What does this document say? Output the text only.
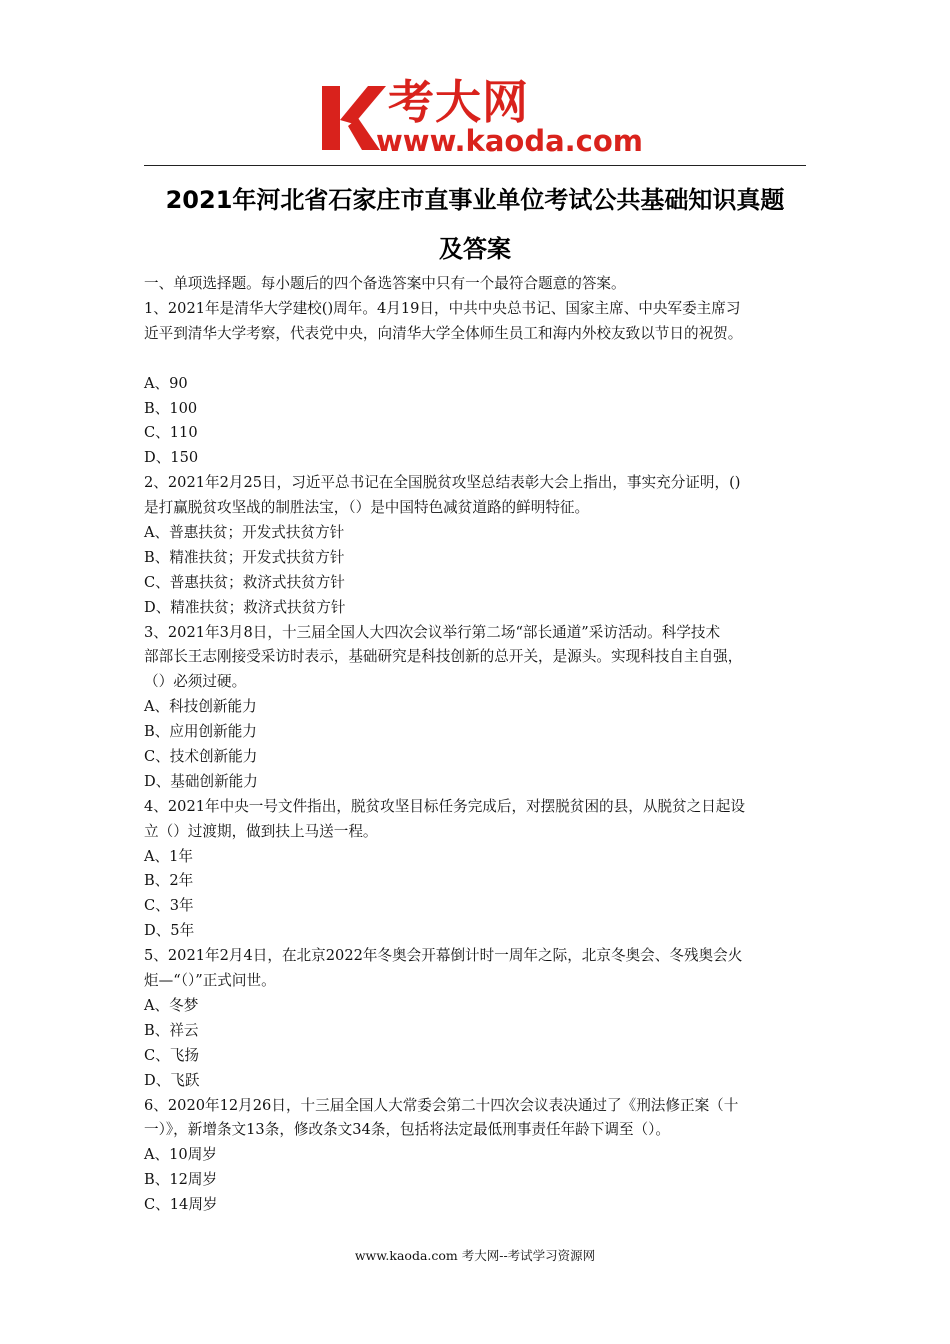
考大网
www.kaoda.com
2021年河北省石家庄市直事业单位考试公共基础知识真题
及答案
一、单项选择题。每小题后的四个备选答案中只有一个最符合题意的答案。
1、2021年是清华大学建校()周年。4月19日，中共中央总书记、国家主席、中央军委主席习
近平到清华大学考察，代表党中央，向清华大学全体师生员工和海内外校友致以节日的祝贺。
A、90
B、100
C、110
D、150
2、2021年2月25日，习近平总书记在全国脱贫攻坚总结表彰大会上指出，事实充分证明，()
是打赢脱贫攻坚战的制胜法宝，（）是中国特色减贫道路的鲜明特征。
A、普惠扶贫；开发式扶贫方针
B、精准扶贫；开发式扶贫方针
C、普惠扶贫；救济式扶贫方针
D、精准扶贫；救济式扶贫方针
3、2021年3月8日，十三届全国人大四次会议举行第二场“部长通道”采访活动。科学技术
部部长王志刚接受采访时表示，基础研究是科技创新的总开关，是源头。实现科技自主自强，
（）必须过硬。
A、科技创新能力
B、应用创新能力
C、技术创新能力
D、基础创新能力
4、2021年中央一号文件指出，脱贫攻坚目标任务完成后，对摆脱贫困的县，从脱贫之日起设
立（）过渡期，做到扶上马送一程。
A、1年
B、2年
C、3年
D、5年
5、2021年2月4日，在北京2022年冬奥会开幕倒计时一周年之际，北京冬奥会、冬残奥会火
炬—“（）”正式问世。
A、冬梦
B、祥云
C、飞扬
D、飞跃
6、2020年12月26日，十三届全国人大常委会第二十四次会议表决通过了《刑法修正案（十
一）》，新增条文13条，修改条文34条，包括将法定最低刑事责任年龄下调至（）。
A、10周岁
B、12周岁
C、14周岁
www.kaoda.com 考大网--考试学习资源网
